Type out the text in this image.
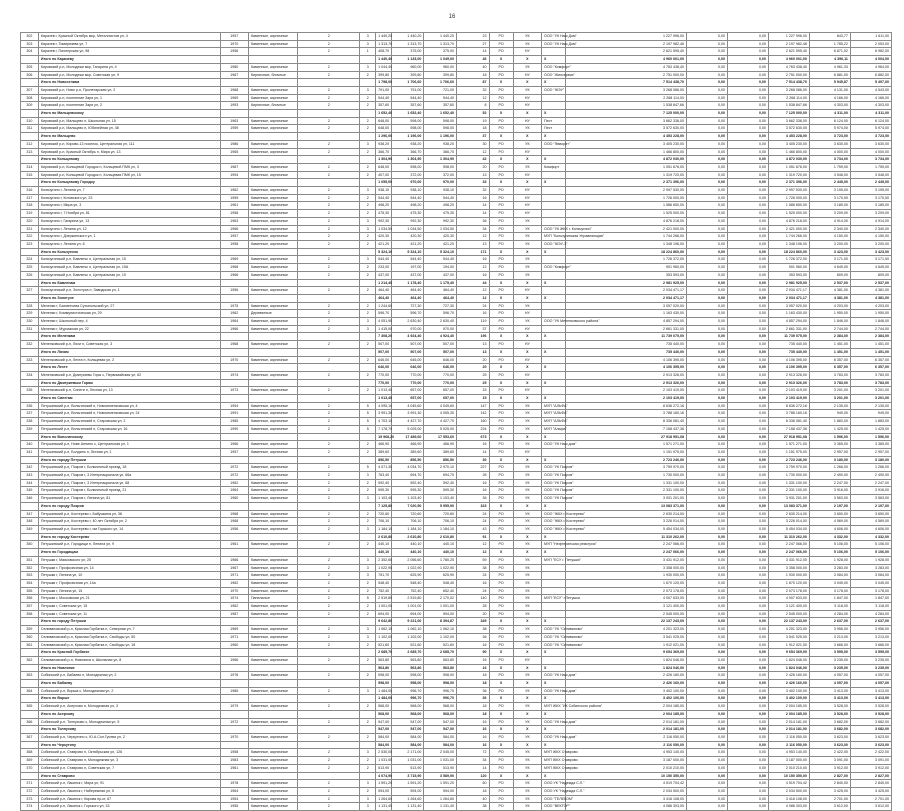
16
302	Карачев г, Красный Октябрь мкр, Металлистов ул, 4	1957	Каменные, кирпичные	2	3	1 440,20	1 440,20	1 440,20	23	РО	УК	ООО "УК Наш Дом"	1 227 996,00	0,00	0,00	1 227 996,00	843,77	1 611,00
303	Карачев г, Тимирязева ул, 7	1970	Каменные, кирпичные	2	3	1 313,70	1 313,70	1 313,70	27	РО	УК	ООО "УК Наш Дом"	2 197 982,46	0,00	0,00	2 197 982,46	1 785,22	2 053,00
304	Карачев г, Пионерская ул, 98	1956		2	1	408,70	375,00	375,00	14	РО	НУ		2 621 595,40	0,00	0,00	2 621 595,40	6 871,02	6 982,00
	Итого по Карачеву					1 440,40	1 133,00	1 049,00	46	X	X	X	4 960 001,00	0,00	0,00	4 960 001,00	4 396,11	4 004,00
305	Кировский р-н, Молодежи мкр, Гагарина ул, 4	1980	Каменные, кирпичные	2	3	1 044,40	960,00	960,00	40	РО	УК	ООО "Комфорт"	4 763 438,40	0,00	0,00	4 763 438,40	4 961,33	4 964,00
306	Кировский р-н, Молодежи мкр, Советская ул, 9	1967	Кирпичные, блочные	2	2	399,80	399,80	399,80	18	РО	НУ	ООО "Жилсервис"	2 751 000,00	0,00	0,00	2 751 000,00	6 881,00	6 882,00
	Итого по Новоселкам					1 798,00	1 706,60	1 706,60	87	X	X	X	7 514 438,70	0,00	0,00	7 514 438,70	5 945,87	5 497,00
307	Кировский р-н, Ново р-н, Пролетарская ул, 2	1968	Каменные, кирпичные	2	3	791,00	791,00	721,00	32	РО	УК	ООО "ЖЭУ"	3 268 086,00	0,00	0,00	3 268 086,00	4 131,00	4 543,00
308	Кировский р-н, поселение Заря ул, 1	1969	Каменные, кирпичные	2	2	544,40	544,40	544,40	12	РО	НУ		2 268 114,00	0,00	0,00	2 268 114,00	4 166,00	4 166,00
309	Кировский р-н, поселение Заря ул, 2	1993	Кирпичные, блочные	2	2	357,60	357,60	357,60	8	РО	НУ		1 538 847,66	0,00	0,00	1 538 847,66	4 303,00	4 303,00
	Итого по Мальцевскому					1 652,40	1 652,40	1 652,40	52	X	X	X	7 125 000,00	0,00	0,00	7 125 000,00	4 311,00	4 311,00
310	Кировский р-н, Мальцево п, Школьная ул, 15	1963	Каменные, кирпичные	2	2	648,00	598,00	598,00	19	РО	НУ	Пест	3 662 336,00	0,00	0,00	3 662 336,00	6 124,00	6 124,00
311	Кировский р-н, Мальцево п, Юбилейная ул, 48	1959	Каменные, кирпичные	2	2	648,00	598,00	598,00	18	РО	УК	Пест	3 572 630,00	0,00	0,00	3 572 630,00	5 974,00	5 974,00
	Итого по Мальцево					1 296,00	1 196,00	1 196,00	37	X	X	X	4 453 228,00	0,00	0,00	4 453 228,00	3 723,00	3 723,00
312	Кировский р-н, Кирово-13 поселок, Центральная ул, 111	1986	Каменные, кирпичные	2	3	938,20	938,20	938,20	30	РО	УК	ООО "Фаворит"	3 405 230,00	0,00	0,00	3 405 230,00	3 630,00	3 630,00
313	Кировский р-н, Красный Октябрь п, Мира ул, 13	1965	Каменные, кирпичные	2	2	366,70	366,70	366,70	12	РО	НУ		1 466 800,00	0,00	0,00	1 466 800,00	4 000,00	4 000,00
	Итого по Кольцевому					1 304,90	1 304,90	1 304,90	42	X	X	X	4 872 030,00	0,00	0,00	4 872 030,00	3 734,00	3 734,00
314	Кировский р-н, Кольцевой Городок п, Кольцевой ПМК ул, 3	1987	Каменные, кирпичные	2	2	648,00	598,00	598,00	20	РО	УК	Комфорт	1 051 676,00	0,00	0,00	1 051 676,00	1 759,00	1 759,00
315	Кировский р-н, Кольцевой Городок п, Кольцевая ПМК ул, 15	1994	Каменные, кирпичные	2	2	407,00	372,00	372,00	13	РО	НУ		1 319 720,00	0,00	0,00	1 319 720,00	3 548,00	3 548,00
	Итого по Кольцевому Городку					1 055,00	970,00	970,00	33	X	X	X	2 371 396,00	0,00	0,00	2 371 396,00	2 445,00	2 445,00
316	Кольчугино г, Ленина ул, 7	1962	Каменные, кирпичные	2	3	938,10	938,10	938,10	32	РО	НУ		2 997 530,00	0,00	0,00	2 997 530,00	3 195,00	3 195,00
317	Кольчугино г, Котовского ул, 23	1959	Каменные, кирпичные	2	2	544,40	544,40	544,40	16	РО	НУ		1 726 000,00	0,00	0,00	1 726 000,00	3 170,00	3 170,00
318	Кольчугино г, Мира ул, 3	1961	Каменные, кирпичные	2	2	498,20	498,20	498,20	14	РО	НУ		1 586 650,00	0,00	0,00	1 586 650,00	3 185,00	3 185,00
319	Кольчугино г, 7 Ноября ул, 81	1958	Каменные, кирпичные	2	2	475,30	475,30	475,30	14	РО	НУ		1 525 000,00	0,00	0,00	1 525 000,00	3 209,00	3 209,00
320	Кольчугино г, Гагарина ул, 13	1963	Каменные, кирпичные	2	3	992,30	992,30	992,30	36	РО	УК		4 876 218,00	0,00	0,00	4 876 218,00	4 914,00	4 914,00
321	Кольчугино г, Ленина ул, 12	1966	Каменные, кирпичные	2	3	1 034,50	1 034,50	1 034,50	34	РО	УК	ООО "УК ЖКХ г. Кольчугино"	2 421 000,00	0,00	0,00	2 421 000,00	2 340,00	2 340,00
322	Кольчугино г, Дзержинского ул, 1	1957	Каменные, кирпичные	2	2	420,30	420,30	420,30	12	РО	УК	МУП "Кольчугинская Управляющая"	1 744 266,00	0,00	0,00	1 744 266,00	4 150,00	4 150,00
323	Кольчугино г, Ленина ул, 6	1958	Каменные, кирпичные	2	2	421,20	421,20	421,20	13	РО	УК	ООО "ЖЭУ-3"	1 348 196,00	0,00	0,00	1 348 196,00	3 200,00	3 200,00
	Итого по Кольчугино					5 324,10	5 324,10	5 324,10	171	X	X	X	18 224 860,00	0,00	0,00	18 224 860,00	3 423,00	3 423,00
324	Кольчугинский р-н, Бавлены п, Центральная ул, 15	1969	Каменные, кирпичные	2	3	544,40	544,40	544,40	16	РО	УК		1 726 372,00	0,00	0,00	1 726 372,00	3 171,00	3 171,00
325	Кольчугинский р-н, Бавлены п, Центральная ул, 15А	1968	Каменные, кирпичные	2	2	233,00	197,00	194,00	12	РО	УК	ООО "Комфорт"	901 960,00	0,00	0,00	901 960,00	4 649,00	4 649,00
326	Кольчугинский р-н, Бавлены п, Центральная ул, 19	1966	Каменные, кирпичные	2	2	437,00	437,00	437,00	16	РО	УК		353 593,00	0,00	0,00	353 593,00	809,00	809,00
	Итого по Бавленам					1 214,40	1 178,40	1 175,40	44	X	X	X	2 981 925,00	0,00	0,00	2 981 925,00	2 537,00	2 537,00
327	Кольчугинский р-н, Золотуха п, Заводская ул, 1	1956	Каменные, кирпичные	2	2	464,40	464,40	464,40	12	РО	НУ		2 034 471,17	0,00	0,00	2 034 471,17	4 381,00	4 381,00
	Итого по Золотухе					464,40	464,40	464,40	12	X	X	X	2 034 471,17	0,00	0,00	2 034 471,17	4 381,00	4 381,00
328	Меленки г, Бахметьева Сухопольский ул, 27	1975	Каменные, кирпичные	2	2	1 244,60	727,30	727,30	24	РО	УК		3 057 020,00	0,00	0,00	3 057 020,00	4 203,00	4 203,00
329	Меленки г, Коммунистическая ул, 29	1962	Деревянные	2	2	596,70	596,70	596,70	16	РО	НУ		1 163 430,00	0,00	0,00	1 163 430,00	1 950,00	1 950,00
330	Меленки г, Школьный пер, 4	1964	Каменные, кирпичные	2	3	4 051,90	2 630,40	2 630,40	119	РО	УК	ООО "УК Меленковского района"	4 857 294,00	0,00	0,00	4 857 294,00	1 846,00	1 846,00
331	Меленки г, Муромская ул, 22	1966	Каменные, кирпичные	2	3	1 415,00	970,00	970,00	37	РО	НУ		2 661 331,00	0,00	0,00	2 661 331,00	2 744,00	2 744,00
	Итого по Меленкам					7 308,20	4 924,40	4 924,40	196	X	X	X	11 739 075,00	0,00	0,00	11 739 075,00	2 384,00	2 384,00
332	Меленковский р-н, Ляхи п, Советская ул, 3	1968	Каменные, кирпичные	2	2	507,00	507,00	507,00	13	РО	НУ		735 440,00	0,00	0,00	735 440,00	1 451,00	1 451,00
	Итого по Ляхам					507,00	507,00	507,00	13	X	X	X	735 440,00	0,00	0,00	735 440,00	1 451,00	1 451,00
333	Меленковский р-н, Лехта п, Кольцевая ул, 2	1970	Каменные, кирпичные	2	2	646,00	646,00	646,00	20	РО	НУ		4 106 395,00	0,00	0,00	4 106 395,00	6 357,00	6 357,00
	Итого по Лехте					646,00	646,00	646,00	20	X	X	X	4 106 395,00	0,00	0,00	4 106 395,00	6 357,00	6 357,00
334	Меленковский р-н, Дмитриевы Горы с, Первомайская ул, 62	1974	Каменные, кирпичные	2	2	770,00	770,00	770,00	25	РО	НУ		2 913 326,00	0,00	0,00	2 913 326,00	3 783,00	3 783,00
	Итого по Дмитриевым Горам					770,00	770,00	770,00	25	X	X	X	2 913 326,00	0,00	0,00	2 913 326,00	3 783,00	3 783,00
335	Меленковский р-н, Синеги п, Лесная ул, 13	1973	Каменные, кирпичные	2	2	1 013,40	657,00	657,00	15	РО	НУ		2 103 419,00	0,00	0,00	2 103 419,00	3 201,00	3 201,00
	Итого по Синегам					1 013,40	657,00	657,00	15	X	X	X	2 103 419,00	0,00	0,00	2 103 419,00	3 201,00	3 201,00
336	Петушинский р-н, Вольгинский п, Новосеменковская ул, 4	1994	Каменные, кирпичные	2	5	4 095,10	4 045,60	4 045,60	147	РО	УК	МУП "АЛЬФА"	8 636 272,16	0,00	0,00	8 636 272,16	2 135,00	2 135,00
337	Петушинский р-н, Вольгинский п, Новосеменковская ул, 24	1991	Каменные, кирпичные	2	5	3 991,30	3 991,30	4 055,30	142	РО	УК	МУП "АЛЬФА"	3 788 160,16	0,00	0,00	3 788 160,16	949,00	949,00
338	Петушинский р-н, Вольгинский п, Старовская ул, 2	1985	Каменные, кирпичные	2	5	4 703,10	4 427,70	4 427,70	160	РО	УК	МУП "АЛЬФА"	8 336 081,40	0,00	0,00	8 336 081,40	1 883,00	1 883,00
339	Петушинский р-н, Вольгинский п, Старовская ул, 16	1990	Каменные, кирпичные	2	5	7 178,70	5 025,00	5 025,00	224	РО	УК	МУП "Альфа"	7 158 437,36	0,00	0,00	7 158 437,36	1 425,00	1 425,00
	Итого по Вольгинскому					19 968,20	17 489,60	17 553,60	673	X	X	X	27 918 951,08	0,00	0,00	27 918 951,08	1 596,00	1 596,00
340	Петушинский р-н, Нове Аннино с, Центральная ул, 1	1966	Каменные, кирпичные	2	2	466,90	466,90	466,90	16	РО	УК	ООО "УК Наш дом"	1 571 271,00	0,00	0,00	1 571 271,00	3 365,00	3 365,00
341	Петушинский р-н, Болдино п, Лесная ул, 1	1957	Каменные, кирпичные	2	2	389,60	389,60	389,60	14	РО	НУ		1 151 975,00	0,00	0,00	1 151 975,00	2 957,00	2 957,00
	Итого по городу Петушки					856,50	856,50	856,50	30	X	X	X	2 723 246,00	0,00	0,00	2 723 246,00	3 180,00	3 180,00
342	Петушинский р-н, Покров г, Больничный проезд, 18	1972	Каменные, кирпичные	2	5	4 071,30	4 034,70	2 970,10	227	РО	УК	ООО "УК Покров"	3 759 970,00	0,00	0,00	3 759 970,00	1 266,00	1 266,00
343	Петушинский р-н, Покров г, 3 Интернационала ул, 66а	1972	Каменные, кирпичные	2	3	763,40	694,70	694,70	28	РО	УК	ООО "УК Покров"	1 730 000,00	0,00	0,00	1 730 000,00	2 490,00	2 490,00
344	Петушинский р-н, Покров г, 3 Интернационала ул, 68	1962	Каменные, кирпичные	2	2	592,40	592,40	592,40	16	РО	УК	ООО "УК Покров"	1 331 100,00	0,00	0,00	1 331 100,00	2 247,00	2 247,00
345	Петушинский р-н, Покров г, Больничный проезд, 21	1964	Каменные, кирпичные	2	2	595,30	595,30	595,30	16	РО	УК	ООО "УК Покров"	2 331 100,00	0,00	0,00	2 331 100,00	3 916,00	3 916,00
346	Петушинский р-н, Покров г, Ленина ул, 81	1960	Каменные, кирпичные	2	3	1 103,40	1 103,40	1 103,40	36	РО	УК	ООО "УК Покров"	3 931 201,00	0,00	0,00	3 931 201,00	3 563,00	3 563,00
	Итого по городу Покров					7 125,80	7 020,50	5 955,90	323	X	X	X	13 083 371,00	0,00	0,00	13 083 371,00	2 197,00	2 197,00
347	Петушинский р-н, Костерево г, Бабушкина ул, 38	1968	Каменные, кирпичные	2	2	720,60	720,60	720,60	24	РО	УК	ООО "ЖКХ г. Костерево"	2 630 214,00	0,00	0,00	2 630 214,00	3 650,00	3 650,00
348	Петушинский р-н, Костерево г, 40 лет Октября ул, 2	1968	Каменные, кирпичные	2	2	706,10	706,10	706,10	24	РО	УК	ООО "ЖКХ г. Костерево"	3 226 014,00	0,00	0,00	3 226 014,00	4 569,00	4 569,00
349	Петушинский р-н, Костерево г, им Горького ул, 14	1956	Каменные, кирпичные	2	3	1 184,10	1 184,10	1 184,10	43	РО	УК	ООО "ЖКХ г. Костерево"	5 454 034,00	0,00	0,00	5 454 034,00	4 606,00	4 606,00
	Итого по городу Костерево					2 610,80	2 610,80	2 610,80	91	X	X	X	11 310 262,00	0,00	0,00	11 310 262,00	4 332,00	4 332,00
350	Петушинский р-н, Городищи п, Ленина ул, 9	1961	Каменные, кирпичные	2	2	440,10	440,10	440,10	12	РО	УК	МУП "Нефтеринская ремстроя"	2 247 066,00	0,00	0,00	2 247 066,00	5 106,00	5 106,00
	Итого по Городищам					440,10	440,10	440,10	12	X	X	X	2 247 066,00	0,00	0,00	2 247 066,00	5 106,00	5 106,00
351	Петушки г, Маяковского ул, 25	1966	Каменные, кирпичные	2	3	2 352,60	2 056,60	1 780,25	59	РО	УК	МУП "ЕСУ г. Петушки"	3 431 912,00	0,00	0,00	3 431 912,00	1 928,00	1 928,00
352	Петушки г, Профсоюзная ул, 14	1967	Каменные, кирпичные	2	3	1 022,90	1 022,90	1 022,90	38	РО	УК		3 358 000,00	0,00	0,00	3 358 000,00	3 283,00	3 283,00
353	Петушки г, Ленина ул, 10	1971	Каменные, кирпичные	2	3	751,70	625,90	625,90	24	РО	УК		1 930 000,00	0,00	0,00	1 930 000,00	3 084,00	3 084,00
354	Петушки г, Профсоюзная ул, 14а	1962	Каменные, кирпичные	2	2	548,40	548,40	548,40	16	РО	УК		1 670 120,00	0,00	0,00	1 670 120,00	3 045,00	3 045,00
355	Петушки г, Ленина ул, 15	1970	Каменные, кирпичные	2	2	752,40	752,40	652,40	24	РО	УК		2 073 178,00	0,00	0,00	2 073 178,00	3 178,00	3 178,00
356	Петушки г, Московская ул, 21	1974	Панельные	2	5	2 519,80	2 519,80	2 170,02	140	РО	УК	МУП "ЕСУ" г.Петушки	4 007 633,00	0,00	0,00	4 007 633,00	1 847,00	1 847,00
357	Петушки г, Советская ул, 15	1962	Каменные, кирпичные	2	2	1 001,00	1 001,00	1 001,00	28	РО	УК		3 121 400,00	0,00	0,00	3 121 400,00	3 118,00	3 118,00
358	Петушки г, Советская ул, 11	1987	Каменные, кирпичные	2	2	694,00	694,00	594,00	20	РО	УК		2 545 000,00	0,00	0,00	2 545 000,00	4 284,00	4 284,00
	Итого по городу Петушки					9 642,80	9 221,00	8 394,87	349	X	X	X	22 137 243,00	0,00	0,00	22 137 243,00	2 637,00	2 637,00
359	Селивановский р-н, Красная Горбатка п, Северная ул, 7	1969	Каменные, кирпичные	2	3	1 062,10	1 062,10	1 062,10	38	РО	УК	ООО "УК "Селиваново"	4 201 323,00	0,00	0,00	4 201 323,00	3 956,00	3 956,00
360	Селивановский р-н, Красная Горбатка п, Свободы ул, 50	1971	Каменные, кирпичные	2	3	1 102,00	1 102,00	1 102,00	36	РО	УК	ООО "УК "Селиваново"	3 541 025,00	0,00	0,00	3 541 025,00	3 213,00	3 213,00
361	Селивановский р-н, Красная Горбатка п, Свободы ул, 18	1960	Каменные, кирпичные	2	2	521,60	521,60	521,60	16	РО	УК	ООО "УК "Селиваново"	1 912 021,00	0,00	0,00	1 912 021,00	3 666,00	3 666,00
	Итого по Красной Горбатке					2 685,70	2 685,70	2 685,70	90	X	X	X	9 654 369,00	0,00	0,00	9 654 369,00	3 595,00	3 595,00
362	Селивановский р-н, Новлянка п, Школьная ул, 8	1966	Каменные, кирпичные	2	2	563,80	563,80	563,80	16	РО	НУ		1 824 046,00	0,00	0,00	1 824 046,00	3 235,00	3 235,00
	Итого по Новлянке					563,80	563,80	563,80	16	X	X	X	1 824 046,00	0,00	0,00	1 824 046,00	3 235,00	3 235,00
363	Собинский р-н, Бабаево п, Молодежная ул, 2	1976	Каменные, кирпичные	2	2	598,00	598,00	598,00	18	РО	УК	ООО "УК Наш дом"	2 426 160,00	0,00	0,00	2 426 160,00	4 057,00	4 057,00
	Итого по Бабаеву					598,00	598,00	598,00	18	X	X	X	2 426 160,00	0,00	0,00	2 426 160,00	4 057,00	4 057,00
364	Собинский р-н, Воршa с, Молодежная ул, 2	1985	Каменные, кирпичные	2	3	1 484,00	996,70	996,70	36	РО	УК	ООО "УК Наш дом"	3 402 100,00	0,00	0,00	3 402 100,00	3 413,00	3 413,00
	Итого по Ворше					1 484,00	996,70	996,70	36	X	X	X	3 402 100,00	0,00	0,00	3 402 100,00	3 413,00	3 413,00
365	Собинский р-н, Асерхово п, Молодежная ул, 3	1979	Каменные, кирпичные	2	2	568,00	568,00	568,00	18	РО	УК	МУП ЖКХ "ИК Собинского района"	2 004 185,00	0,00	0,00	2 004 185,00	3 528,00	3 528,00
	Итого по Асерхову					568,00	568,00	568,00	18	X	X	X	2 004 185,00	0,00	0,00	2 004 185,00	3 528,00	3 528,00
366	Собинский р-н, Толпухово с, Молодежная ул, 5	1972	Каменные, кирпичные	2	2	547,00	547,00	547,00	16	РО	УК	ООО "УК Наш дом"	2 014 181,00	0,00	0,00	2 014 181,00	3 682,00	3 682,00
	Итого по Толпухову					547,00	547,00	547,00	16	X	X	X	2 014 181,00	0,00	0,00	2 014 181,00	3 682,00	3 682,00
367	Собинский р-н, Черкутино с, Ю.А.Сол.Гусева ул, 2	1970	Каменные, кирпичные	2	2	584,00	584,00	584,00	16	РО	УК	ООО "УК Наш дом"	2 116 050,00	0,00	0,00	2 116 050,00	3 623,00	3 623,00
	Итого по Черкутину					584,00	584,00	584,00	16	X	X	X	2 116 050,00	0,00	0,00	2 116 050,00	3 623,00	3 623,00
368	Собинский р-н, Ставрово п, Октябрьская ул, 126	1958	Каменные, кирпичные	2	3	2 530,00	2 171,00	2 045,00	72	РО	УК	МУП ЖКХ Ставрово	4 953 140,00	0,00	0,00	4 953 140,00	2 422,00	2 422,00
369	Собинский р-н, Ставрово п, Молодежная ул, 3	1983	Каменные, кирпичные	2	2	1 031,00	1 031,00	1 031,00	34	РО	УК	МУП ЖКХ Ставрово	3 187 000,00	0,00	0,00	3 187 000,00	3 091,00	3 091,00
370	Собинский р-н, Ставрово п, Советская ул, 7	1961	Каменные, кирпичные	2	2	513,90	513,90	513,90	14	РО	УК	МУП ЖКХ Ставрово	2 010 210,00	0,00	0,00	2 010 210,00	3 912,00	3 912,00
	Итого по Ставрово					4 074,90	3 715,90	3 589,90	120	X	X	X	10 150 350,00	0,00	0,00	10 150 350,00	2 827,00	2 827,00
371	Собинский р-н, Лакинск г, Мира ул, 91	1978	Каменные, кирпичные	2	3	1 591,20	1 591,20	1 591,20	60	РО	УК	ООО УК "Надежда С.Л."	4 519 704,42	0,00	0,00	4 519 704,42	2 840,00	2 840,00
372	Собинский р-н, Лакинск г, Набережная ул, 5	1964	Каменные, кирпичные	2	2	594,00	594,00	594,00	18	РО	УК	ООО УК "Надежда С.Л."	2 034 500,00	0,00	0,00	2 034 500,00	3 425,00	3 425,00
373	Собинский р-н, Лакинск г, Кирова пр-кт, 67	1954	Каменные, кирпичные	2	3	1 264,60	1 264,60	1 264,60	40	РО	УК	ООО "ТЕЛЕКОМ"	3 416 108,00	0,00	0,00	3 416 108,00	2 701,00	2 701,00
374	Собинский р-н, Лакинск г, Горького ул, 15	1955	Каменные, кирпичные	2	3	1 131,40	1 131,40	1 131,40	38	РО	УК	ООО "ВЕКТОР"	4 086 303,00	0,00	0,00	4 086 303,00	3 612,00	3 612,00
